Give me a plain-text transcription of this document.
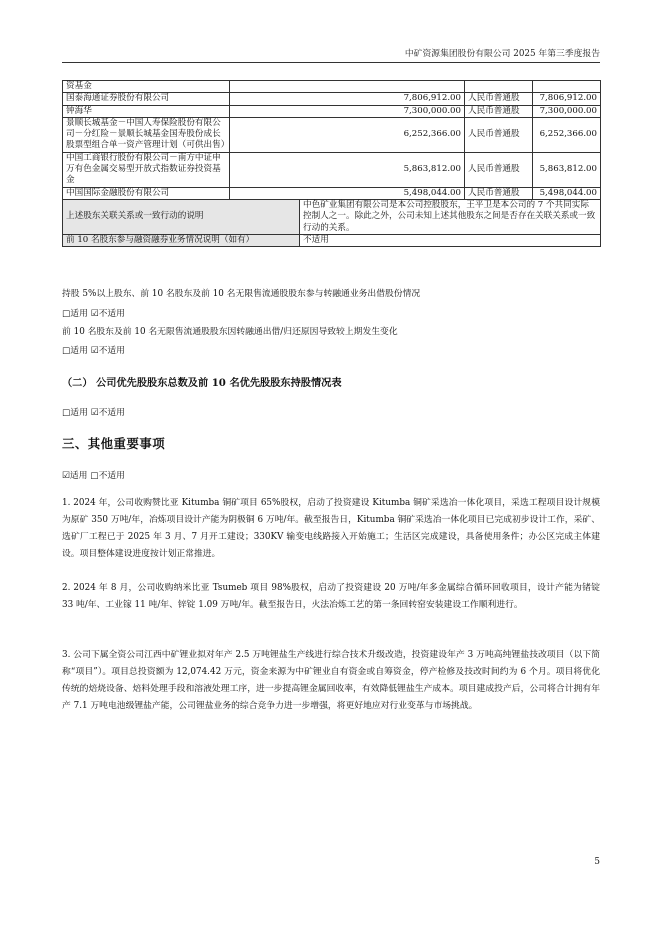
中矿资源集团股份有限公司 2025 年第三季度报告
资基金				
国泰海通证券股份有限公司	7,806,912.00		人民币普通股	7,806,912.00
钟海华	7,300,000.00		人民币普通股	7,300,000.00
景顺长城基金－中国人寿保险股份有限公司－分红险－景顺长城基金国寿股份成长股票型组合单一资产管理计划（可供出售）	6,252,366.00		人民币普通股	6,252,366.00
中国工商银行股份有限公司－南方中证申万有色金属交易型开放式指数证券投资基金	5,863,812.00		人民币普通股	5,863,812.00
中国国际金融股份有限公司	5,498,044.00		人民币普通股	5,498,044.00
上述股东关联关系或一致行动的说明		中色矿业集团有限公司是本公司控股股东，王平卫是本公司的 7 个共同实际控制人之一。除此之外，公司未知上述其他股东之间是否存在关联关系或一致行动的关系。		
前 10 名股东参与融资融券业务情况说明（如有）		不适用		
持股 5%以上股东、前 10 名股东及前 10 名无限售流通股股东参与转融通业务出借股份情况
□适用 ☑不适用
前 10 名股东及前 10 名无限售流通股股东因转融通出借/归还原因导致较上期发生变化
□适用 ☑不适用
（二） 公司优先股股东总数及前 10 名优先股股东持股情况表
□适用 ☑不适用
三、其他重要事项
☑适用 □不适用
1. 2024 年，公司收购赞比亚 Kitumba 铜矿项目 65%股权，启动了投资建设 Kitumba 铜矿采选冶一体化项目，采选工程项目设计规模为原矿 350 万吨/年，冶炼项目设计产能为阴极铜 6 万吨/年。截至报告日，Kitumba 铜矿采选冶一体化项目已完成初步设计工作，采矿、选矿厂工程已于 2025 年 3 月、7 月开工建设；330KV 输变电线路接入开始施工；生活区完成建设，具备使用条件；办公区完成主体建设。项目整体建设进度按计划正常推进。
2. 2024 年 8 月，公司收购纳米比亚 Tsumeb 项目 98%股权，启动了投资建设 20 万吨/年多金属综合循环回收项目，设计产能为锗锭 33 吨/年、工业镓 11 吨/年、锌锭 1.09 万吨/年。截至报告日，火法冶炼工艺的第一条回转窑安装建设工作顺利进行。
3. 公司下属全资公司江西中矿锂业拟对年产 2.5 万吨锂盐生产线进行综合技术升级改造，投资建设年产 3 万吨高纯锂盐技改项目（以下简称“项目”）。项目总投资额为 12,074.42 万元，资金来源为中矿锂业自有资金或自筹资金，停产检修及技改时间约为 6 个月。项目将优化传统的焙烧设备、焙料处理手段和溶液处理工序，进一步提高锂金属回收率，有效降低锂盐生产成本。项目建成投产后，公司将合计拥有年产 7.1 万吨电池级锂盐产能，公司锂盐业务的综合竞争力进一步增强，将更好地应对行业变革与市场挑战。
5
